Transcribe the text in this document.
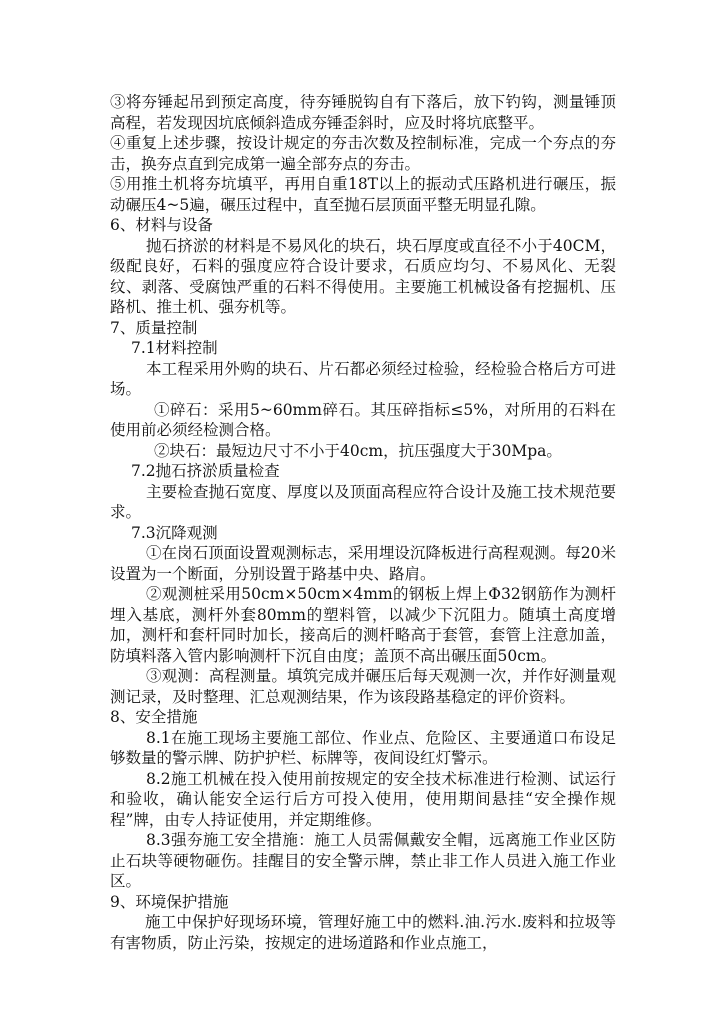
③将夯锤起吊到预定高度，待夯锤脱钩自有下落后，放下钓钩，测量锤顶高程，若发现因坑底倾斜造成夯锤歪斜时，应及时将坑底整平。

④重复上述步骤，按设计规定的夯击次数及控制标准，完成一个夯点的夯击，换夯点直到完成第一遍全部夯点的夯击。

⑤用推土机将夯坑填平，再用自重18T以上的振动式压路机进行碾压，振动碾压4~5遍，碾压过程中，直至抛石层顶面平整无明显孔隙。

6、材料与设备

抛石挤淤的材料是不易风化的块石，块石厚度或直径不小于40CM，级配良好，石料的强度应符合设计要求，石质应均匀、不易风化、无裂纹、剥落、受腐蚀严重的石料不得使用。主要施工机械设备有挖掘机、压路机、推土机、强夯机等。

7、质量控制

7.1材料控制

本工程采用外购的块石、片石都必须经过检验，经检验合格后方可进场。

①碎石：采用5~60mm碎石。其压碎指标≤5%，对所用的石料在使用前必须经检测合格。

②块石：最短边尺寸不小于40cm，抗压强度大于30Mpa。

7.2抛石挤淤质量检查

主要检查抛石宽度、厚度以及顶面高程应符合设计及施工技术规范要求。

7.3沉降观测

①在岗石顶面设置观测标志，采用埋设沉降板进行高程观测。每20米设置为一个断面，分别设置于路基中央、路肩。

②观测桩采用50cm×50cm×4mm的钢板上焊上Φ32钢筋作为测杆埋入基底，测杆外套80mm的塑料管，以减少下沉阻力。随填土高度增加，测杆和套杆同时加长，接高后的测杆略高于套管，套管上注意加盖，防填料落入管内影响测杆下沉自由度；盖顶不高出碾压面50cm。

③观测：高程测量。填筑完成并碾压后每天观测一次，并作好测量观测记录，及时整理、汇总观测结果，作为该段路基稳定的评价资料。

8、安全措施

8.1在施工现场主要施工部位、作业点、危险区、主要通道口布设足够数量的警示牌、防护护栏、标牌等，夜间设红灯警示。

8.2施工机械在投入使用前按规定的安全技术标准进行检测、试运行和验收，确认能安全运行后方可投入使用，使用期间悬挂“安全操作规程”牌，由专人持证使用，并定期维修。

8.3强夯施工安全措施：施工人员需佩戴安全帽，远离施工作业区防止石块等硬物砸伤。挂醒目的安全警示牌，禁止非工作人员进入施工作业区。

9、环境保护措施

施工中保护好现场环境，管理好施工中的燃料.油.污水.废料和拉圾等有害物质，防止污染，按规定的进场道路和作业点施工，
